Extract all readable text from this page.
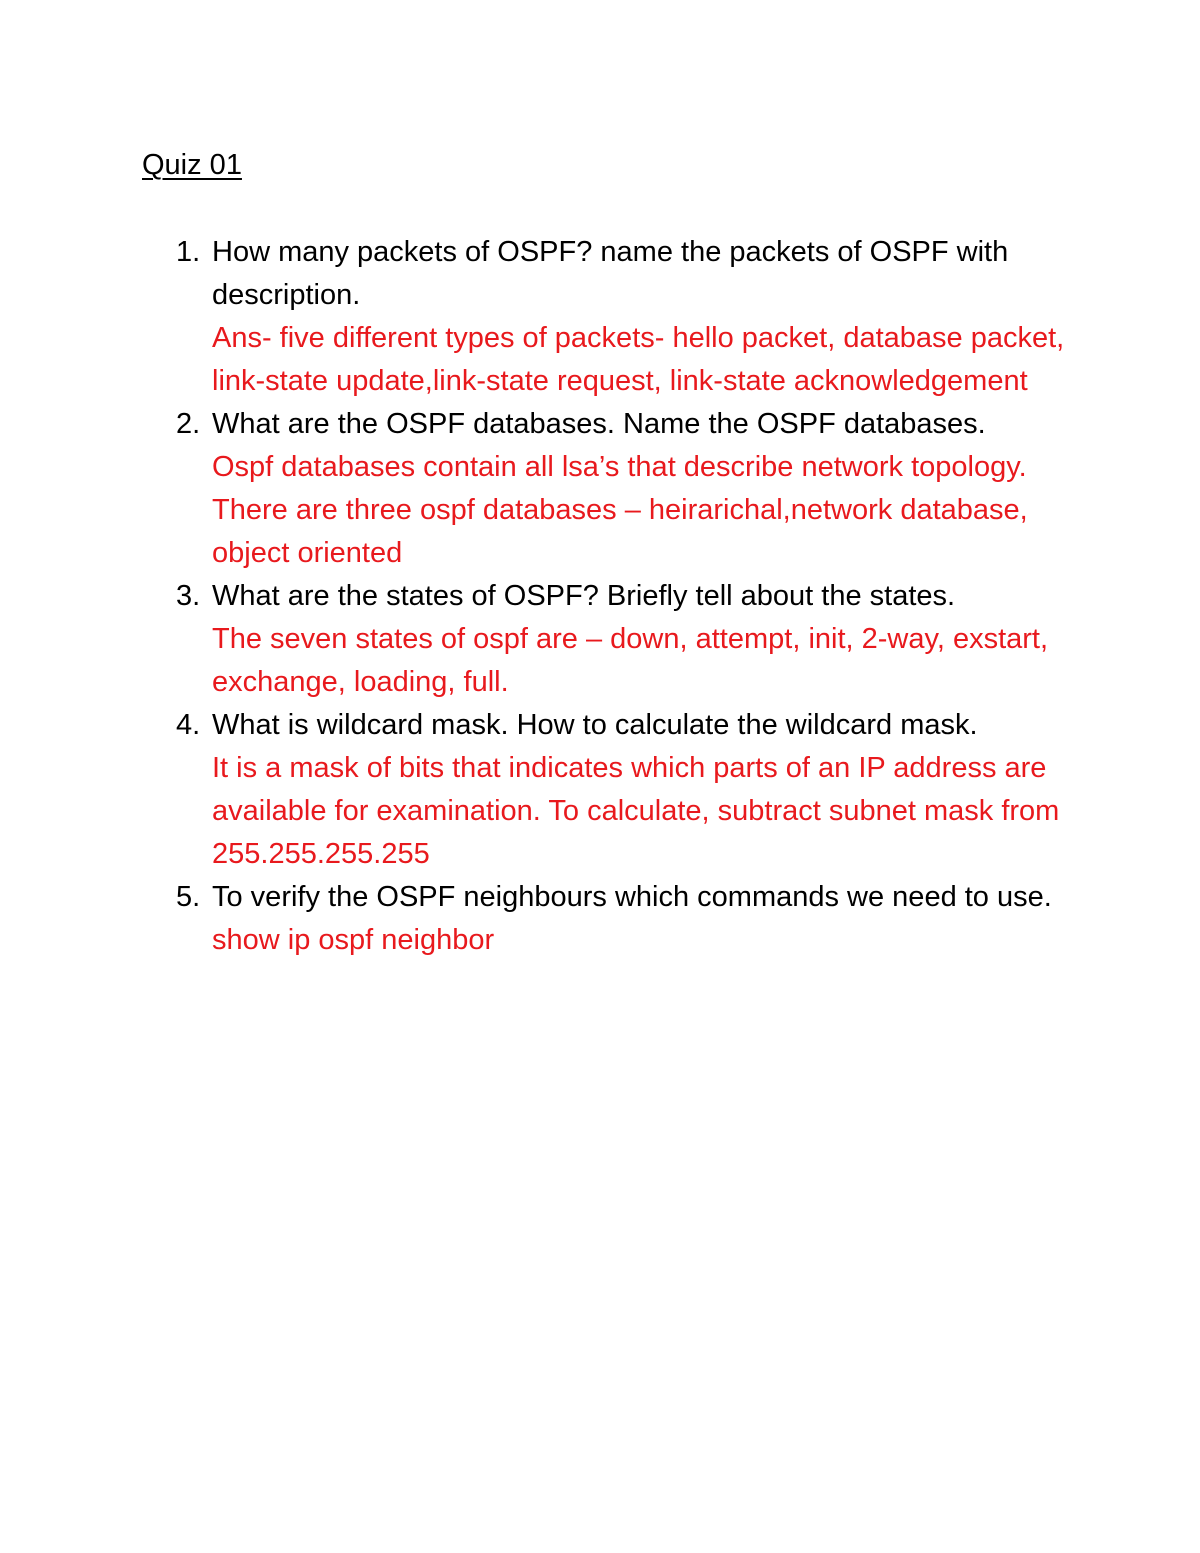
Quiz 01
1. How many packets of OSPF? name the packets of OSPF with description.
Ans- five different types of packets- hello packet, database packet, link-state update,link-state request, link-state acknowledgement
2. What are the OSPF databases. Name the OSPF databases.
Ospf databases contain all lsa’s that describe network topology. There are three ospf databases – heirarichal,network database, object oriented
3. What are the states of OSPF? Briefly tell about the states.
The seven states of ospf are – down, attempt, init, 2-way, exstart, exchange, loading, full.
4. What is wildcard mask. How to calculate the wildcard mask.
It is a mask of bits that indicates which parts of an IP address are available for examination. To calculate, subtract subnet mask from 255.255.255.255
5. To verify the OSPF neighbours which commands we need to use.
show ip ospf neighbor
